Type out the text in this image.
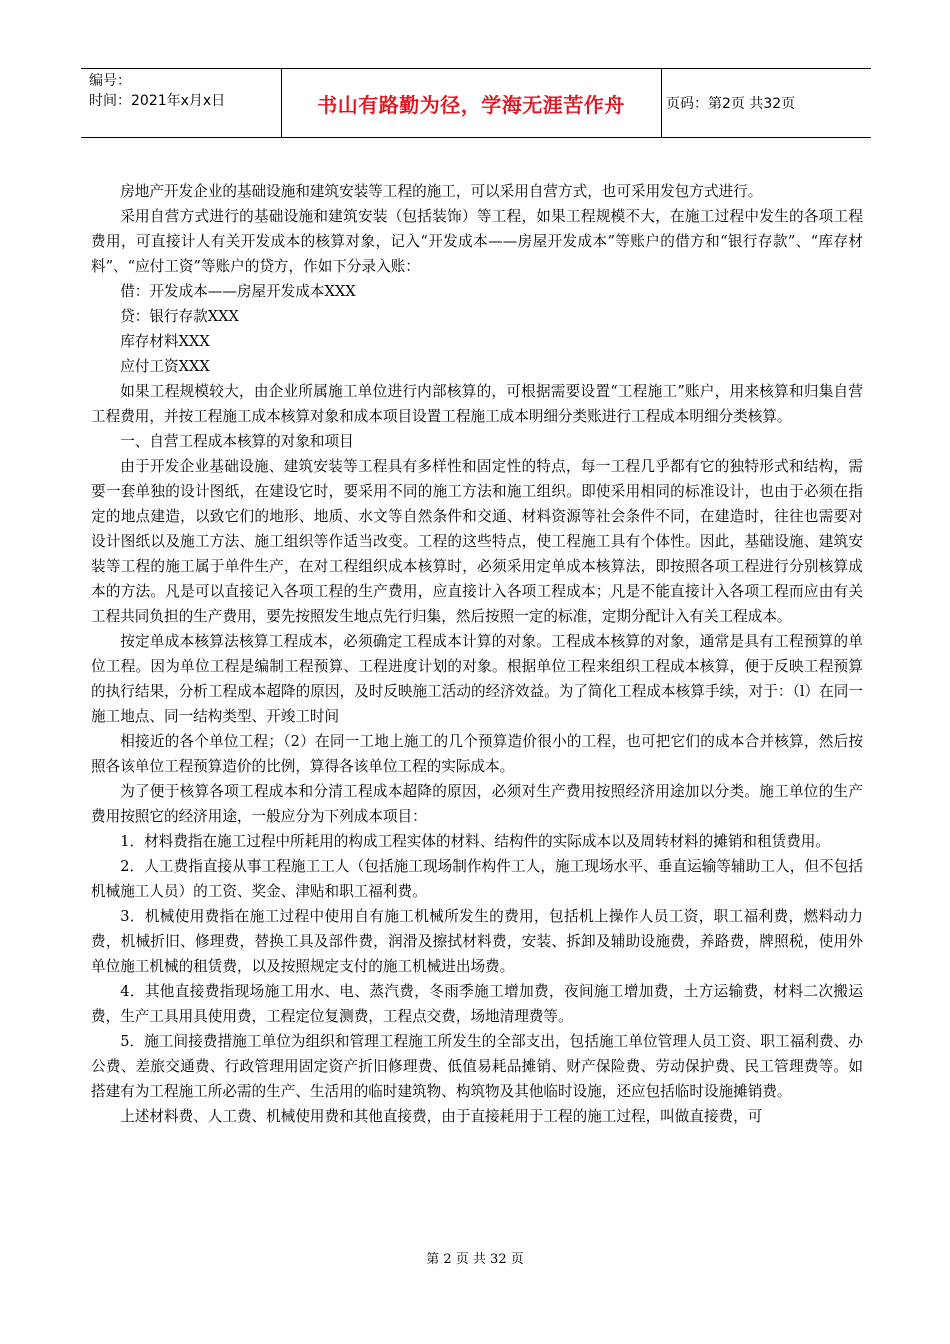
编号：
时间：2021年x月x日	书山有路勤为径，学海无涯苦作舟	页码：第2页 共32页

房地产开发企业的基础设施和建筑安装等工程的施工，可以采用自营方式，也可采用发包方式进行。

采用自营方式进行的基础设施和建筑安装（包括装饰）等工程，如果工程规模不大，在施工过程中发生的各项工程费用，可直接计人有关开发成本的核算对象，记入“开发成本——房屋开发成本”等账户的借方和“银行存款”、“库存材料”、“应付工资”等账户的贷方，作如下分录入账：

借：开发成本——房屋开发成本XXX

贷：银行存款XXX

库存材料XXX

应付工资XXX

如果工程规模较大，由企业所属施工单位进行内部核算的，可根据需要设置“工程施工”账户，用来核算和归集自营工程费用，并按工程施工成本核算对象和成本项目设置工程施工成本明细分类账进行工程成本明细分类核算。

一、自营工程成本核算的对象和项目

由于开发企业基础设施、建筑安装等工程具有多样性和固定性的特点，每一工程几乎都有它的独特形式和结构，需要一套单独的设计图纸，在建设它时，要采用不同的施工方法和施工组织。即使采用相同的标准设计，也由于必须在指定的地点建造，以致它们的地形、地质、水文等自然条件和交通、材料资源等社会条件不同，在建造时，往往也需要对设计图纸以及施工方法、施工组织等作适当改变。工程的这些特点，使工程施工具有个体性。因此，基础设施、建筑安装等工程的施工属于单件生产，在对工程组织成本核算时，必须采用定单成本核算法，即按照各项工程进行分别核算成本的方法。凡是可以直接记入各项工程的生产费用，应直接计入各项工程成本；凡是不能直接计入各项工程而应由有关工程共同负担的生产费用，要先按照发生地点先行归集，然后按照一定的标准，定期分配计入有关工程成本。

按定单成本核算法核算工程成本，必须确定工程成本计算的对象。工程成本核算的对象，通常是具有工程预算的单位工程。因为单位工程是编制工程预算、工程进度计划的对象。根据单位工程来组织工程成本核算，便于反映工程预算的执行结果，分析工程成本超降的原因，及时反映施工活动的经济效益。为了简化工程成本核算手续，对于：（l）在同一施工地点、同一结构类型、开竣工时间

相接近的各个单位工程；（2）在同一工地上施工的几个预算造价很小的工程，也可把它们的成本合并核算，然后按照各该单位工程预算造价的比例，算得各该单位工程的实际成本。

为了便于核算各项工程成本和分清工程成本超降的原因，必须对生产费用按照经济用途加以分类。施工单位的生产费用按照它的经济用途，一般应分为下列成本项目：

1．材料费指在施工过程中所耗用的构成工程实体的材料、结构件的实际成本以及周转材料的摊销和租赁费用。

2．人工费指直接从事工程施工工人（包括施工现场制作构件工人，施工现场水平、垂直运输等辅助工人，但不包括机械施工人员）的工资、奖金、津贴和职工福利费。

3．机械使用费指在施工过程中使用自有施工机械所发生的费用，包括机上操作人员工资，职工福利费，燃料动力费，机械折旧、修理费，替换工具及部件费，润滑及擦拭材料费，安装、拆卸及辅助设施费，养路费，牌照税，使用外单位施工机械的租赁费，以及按照规定支付的施工机械进出场费。

4．其他直接费指现场施工用水、电、蒸汽费，冬雨季施工增加费，夜间施工增加费，土方运输费，材料二次搬运费，生产工具用具使用费，工程定位复测费，工程点交费，场地清理费等。

5．施工间接费措施工单位为组织和管理工程施工所发生的全部支出，包括施工单位管理人员工资、职工福利费、办公费、差旅交通费、行政管理用固定资产折旧修理费、低值易耗品摊销、财产保险费、劳动保护费、民工管理费等。如搭建有为工程施工所必需的生产、生活用的临时建筑物、构筑物及其他临时设施，还应包括临时设施摊销费。

上述材料费、人工费、机械使用费和其他直接费，由于直接耗用于工程的施工过程，叫做直接费，可

第 2 页 共 32 页
